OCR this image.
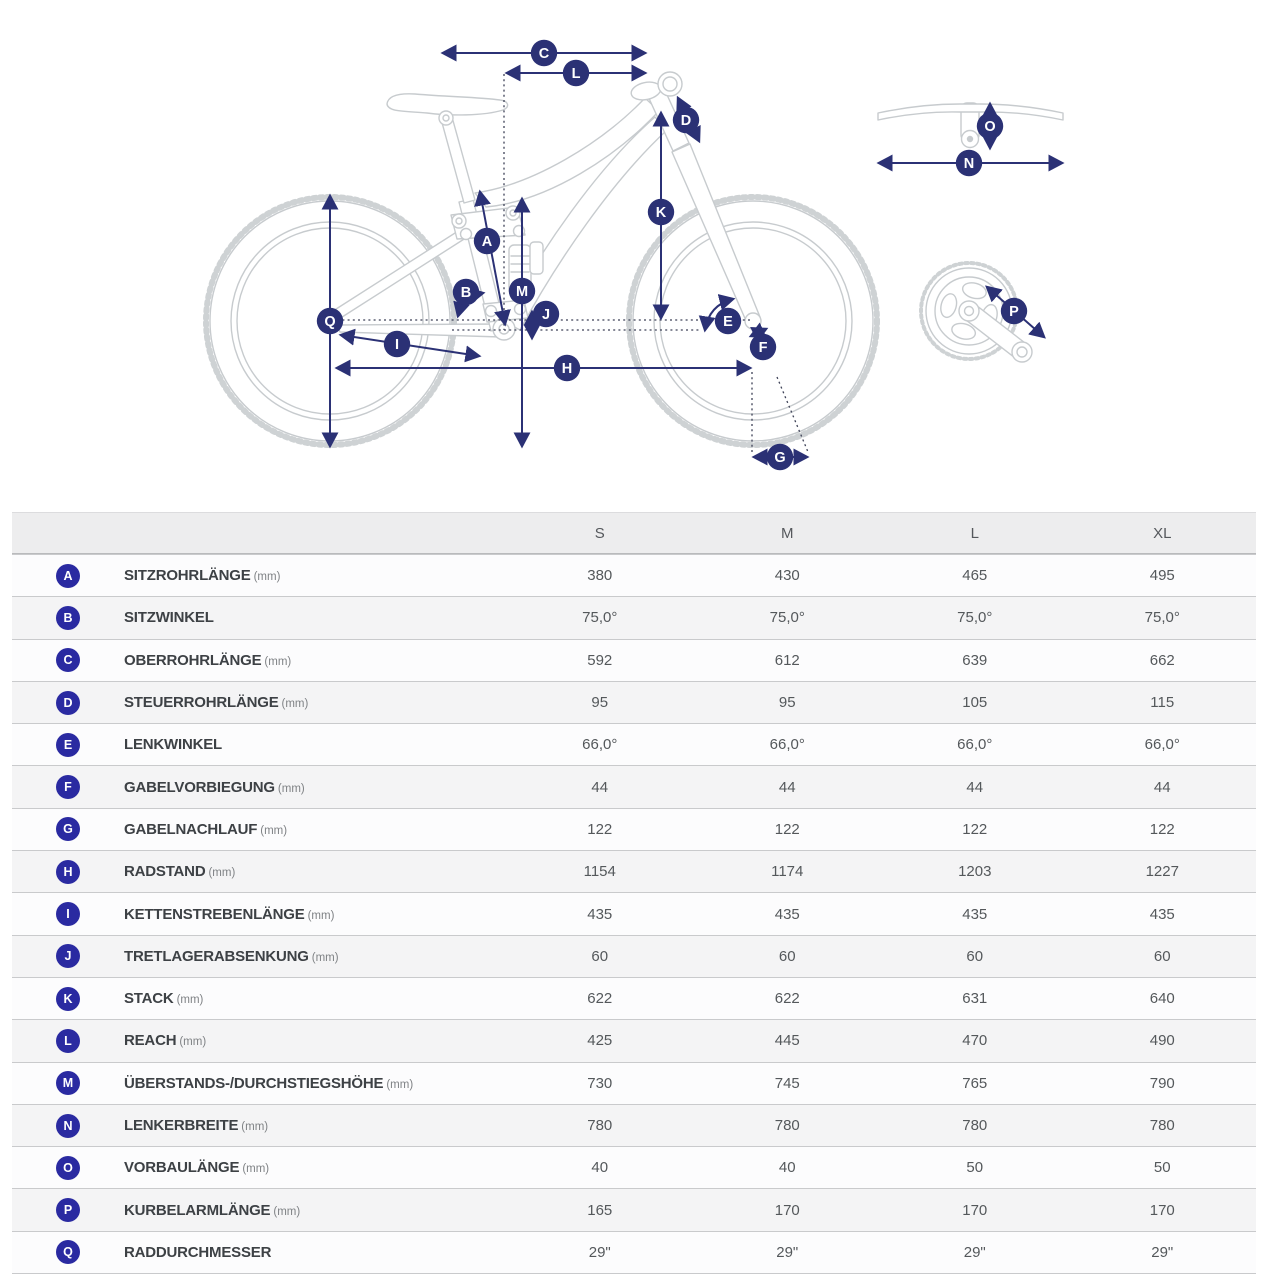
A
B
C
D
E
F
G
H
I
J
K
L
M
N
O
P
Q
S	M	L	XL
A	SITZROHRLÄNGE (mm)	380	430	465	495
B	SITZWINKEL	75,0°	75,0°	75,0°	75,0°
C	OBERROHRLÄNGE (mm)	592	612	639	662
D	STEUERROHRLÄNGE (mm)	95	95	105	115
E	LENKWINKEL	66,0°	66,0°	66,0°	66,0°
F	GABELVORBIEGUNG (mm)	44	44	44	44
G	GABELNACHLAUF (mm)	122	122	122	122
H	RADSTAND (mm)	1154	1174	1203	1227
I	KETTENSTREBENLÄNGE (mm)	435	435	435	435
J	TRETLAGERABSENKUNG (mm)	60	60	60	60
K	STACK (mm)	622	622	631	640
L	REACH (mm)	425	445	470	490
M	ÜBERSTANDS-/DURCHSTIEGSHÖHE (mm)	730	745	765	790
N	LENKERBREITE (mm)	780	780	780	780
O	VORBAULÄNGE (mm)	40	40	50	50
P	KURBELARMLÄNGE (mm)	165	170	170	170
Q	RADDURCHMESSER	29"	29"	29"	29"
